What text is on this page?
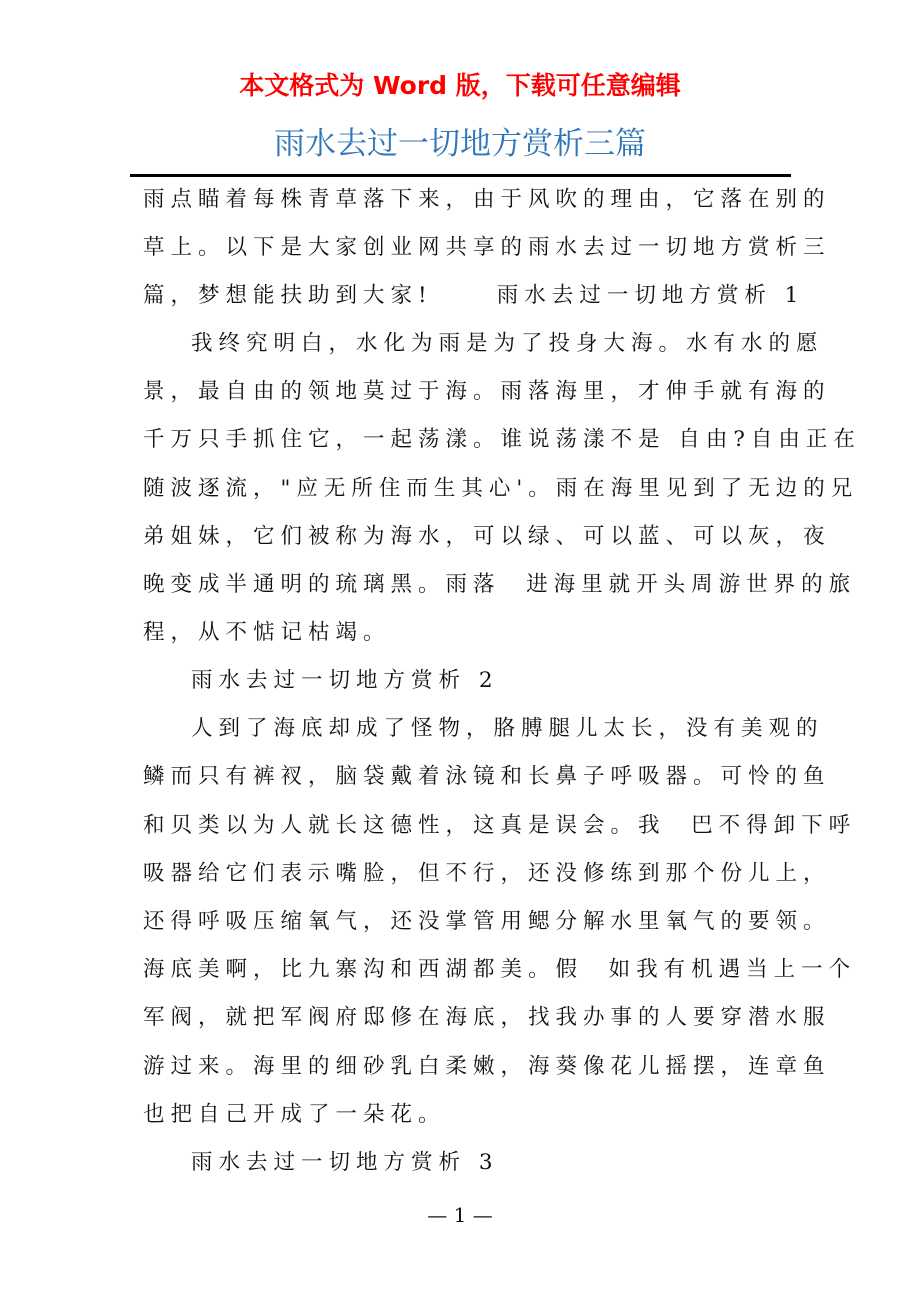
本文格式为 Word 版，下载可任意编辑
雨水去过一切地方赏析三篇
雨点瞄着每株青草落下来，由于风吹的理由，它落在别的
草上。以下是大家创业网共享的雨水去过一切地方赏析三
篇，梦想能扶助到大家!     雨水去过一切地方赏析 1
我终究明白，水化为雨是为了投身大海。水有水的愿
景，最自由的领地莫过于海。雨落海里，才伸手就有海的
千万只手抓住它，一起荡漾。谁说荡漾不是 自由?自由正在
随波逐流，"应无所住而生其心'。雨在海里见到了无边的兄
弟姐妹，它们被称为海水，可以绿、可以蓝、可以灰，夜
晚变成半通明的琉璃黑。雨落  进海里就开头周游世界的旅
程，从不惦记枯竭。
雨水去过一切地方赏析 2
人到了海底却成了怪物，胳膊腿儿太长，没有美观的
鳞而只有裤衩，脑袋戴着泳镜和长鼻子呼吸器。可怜的鱼
和贝类以为人就长这德性，这真是误会。我  巴不得卸下呼
吸器给它们表示嘴脸，但不行，还没修练到那个份儿上，
还得呼吸压缩氧气，还没掌管用鳃分解水里氧气的要领。
海底美啊，比九寨沟和西湖都美。假  如我有机遇当上一个
军阀，就把军阀府邸修在海底，找我办事的人要穿潜水服
游过来。海里的细砂乳白柔嫩，海葵像花儿摇摆，连章鱼
也把自己开成了一朵花。
雨水去过一切地方赏析 3
— 1 —
